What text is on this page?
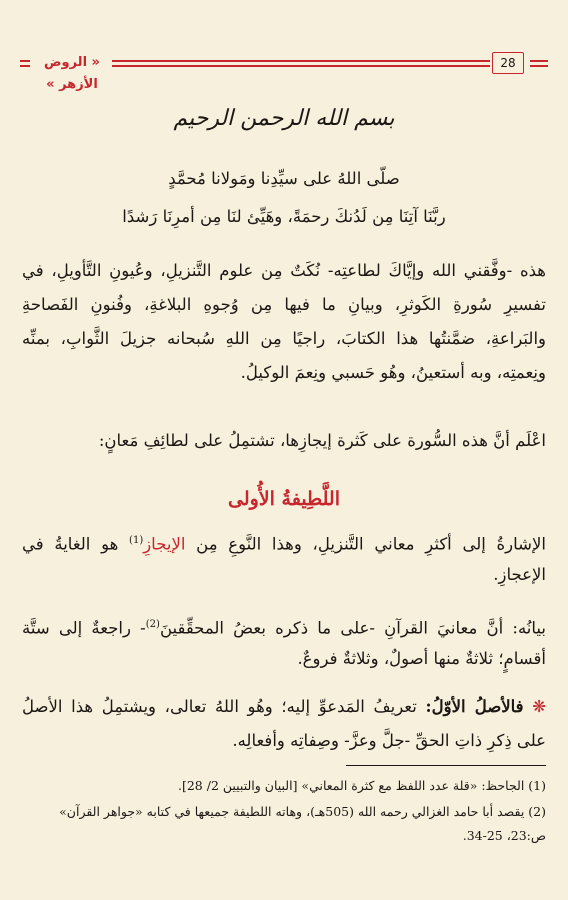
« الروض الأزهر »
28
بسم الله الرحمن الرحيم
صلّى اللهُ على سيِّدِنا ومَولانا مُحمَّدٍ
ربَّنَا آتِنَا مِن لَدُنكَ رحمَةً، وهَيِّئ لنَا مِن أمرِنَا رَشدًا
هذه -وفَّقني الله وإيَّاكَ لطاعتِه- نُكَتٌ مِن علوم التَّنزيلِ، وعُيونِ التَّأويلِ، في
تفسيرِ سُورةِ الكَوثرِ، وبيانِ ما فيها مِن وُجوهِ البلاغةِ، وفُنونِ الفَصاحةِ
والبَراعةِ، ضمَّنتُها هذا الكتابَ، راجيًا مِن اللهِ سُبحانه جزيلَ الثَّوابِ، بمنِّه
ونِعمتِه، وبه أستعينُ، وهُو حَسبي ونِعمَ الوكيلُ.
اعْلَم أنَّ هذه السُّورة على كَثرة إيجازِها، تشتمِلُ على لطائِفِ مَعانٍ:
اللَّطِيفةُ الأُولى
الإشارةُ إلى أكثرِ معاني التَّنزيلِ، وهذا النَّوعِ مِن الإيجازِ$^{(1)}$ هو الغايةُ في
الإعجازِ.
بيانُه: أنَّ معانيَ القرآنِ -على ما ذكره بعضُ المحقِّقينَ$^{(2)}$- راجعةٌ إلى ستَّة
أقسامٍ؛ ثلاثةٌ منها أصولٌ، وثلاثةٌ فروعٌ.
❋ فالأصلُ الأوّلُ: تعريفُ المَدعوِّ إليه؛ وهُو اللهُ تعالى، ويشتمِلُ هذا الأصلُ
على ذِكرِ ذاتِ الحقِّ -جلَّ وعزَّ- وصِفاتِه وأفعالِه.
(1) الجاحظ: «قلة عدد اللفظ مع كثرة المعاني» [البيان والتبيين 2/ 28].
(2) يقصد أبا حامد الغزالي رحمه الله (505هـ)، وهاته اللطيفة جميعها في كتابه «جواهر القرآن»
ص:23، 25-34.
